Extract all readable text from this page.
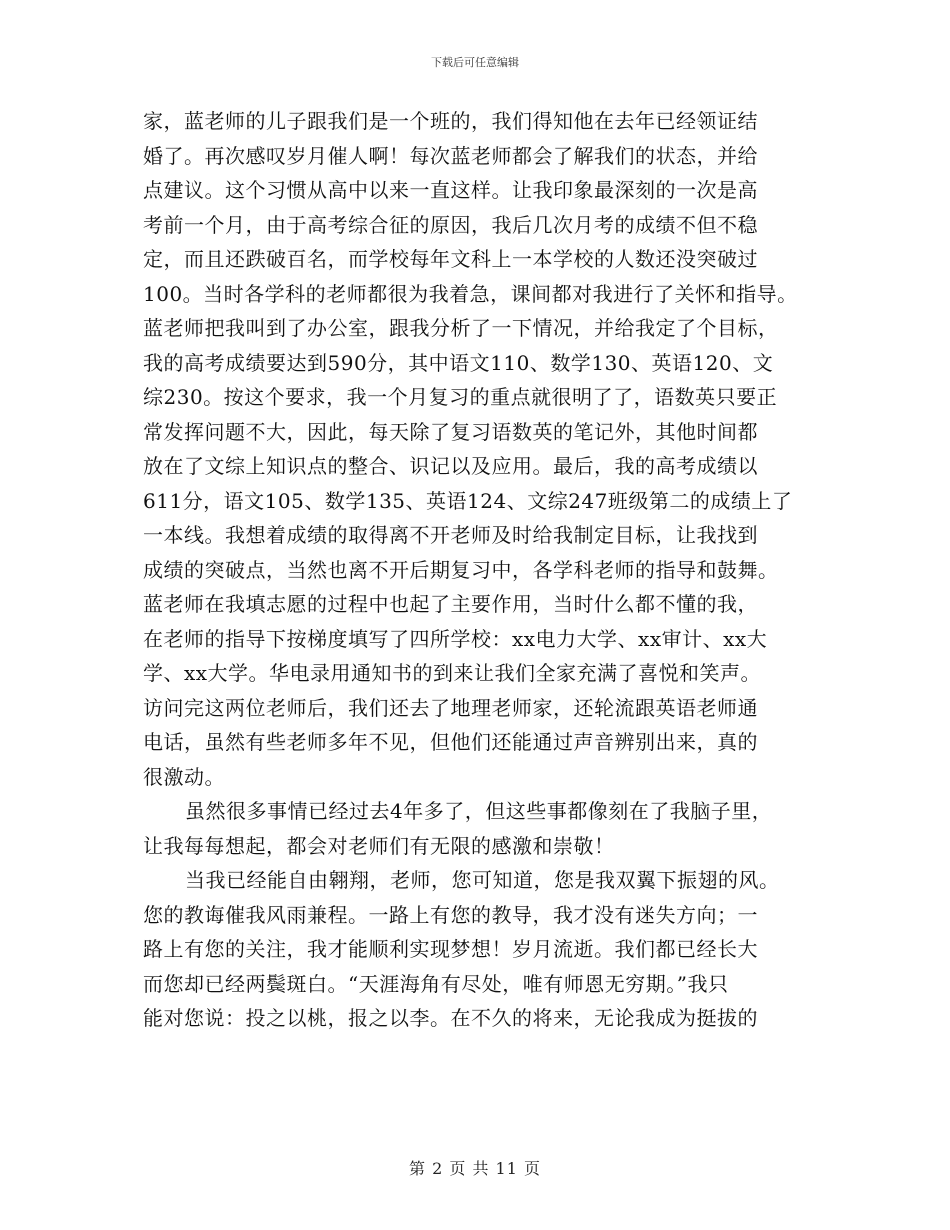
下载后可任意编辑
家，蓝老师的儿子跟我们是一个班的，我们得知他在去年已经领证结
婚了。再次感叹岁月催人啊！每次蓝老师都会了解我们的状态，并给
点建议。这个习惯从高中以来一直这样。让我印象最深刻的一次是高
考前一个月，由于高考综合征的原因，我后几次月考的成绩不但不稳
定，而且还跌破百名，而学校每年文科上一本学校的人数还没突破过
100。当时各学科的老师都很为我着急，课间都对我进行了关怀和指导。
蓝老师把我叫到了办公室，跟我分析了一下情况，并给我定了个目标，
我的高考成绩要达到590分，其中语文110、数学130、英语120、文
综230。按这个要求，我一个月复习的重点就很明了了，语数英只要正
常发挥问题不大，因此，每天除了复习语数英的笔记外，其他时间都
放在了文综上知识点的整合、识记以及应用。最后，我的高考成绩以
611分，语文105、数学135、英语124、文综247班级第二的成绩上了
一本线。我想着成绩的取得离不开老师及时给我制定目标，让我找到
成绩的突破点，当然也离不开后期复习中，各学科老师的指导和鼓舞。
蓝老师在我填志愿的过程中也起了主要作用，当时什么都不懂的我，
在老师的指导下按梯度填写了四所学校：xx电力大学、xx审计、xx大
学、xx大学。华电录用通知书的到来让我们全家充满了喜悦和笑声。
访问完这两位老师后，我们还去了地理老师家，还轮流跟英语老师通
电话，虽然有些老师多年不见，但他们还能通过声音辨别出来，真的
很激动。
虽然很多事情已经过去4年多了，但这些事都像刻在了我脑子里，
让我每每想起，都会对老师们有无限的感激和崇敬！
当我已经能自由翱翔，老师，您可知道，您是我双翼下振翅的风。
您的教诲催我风雨兼程。一路上有您的教导，我才没有迷失方向；一
路上有您的关注，我才能顺利实现梦想！岁月流逝。我们都已经长大
而您却已经两鬓斑白。“天涯海角有尽处，唯有师恩无穷期。”我只
能对您说：投之以桃，报之以李。在不久的将来，无论我成为挺拔的
第 2 页 共 11 页
